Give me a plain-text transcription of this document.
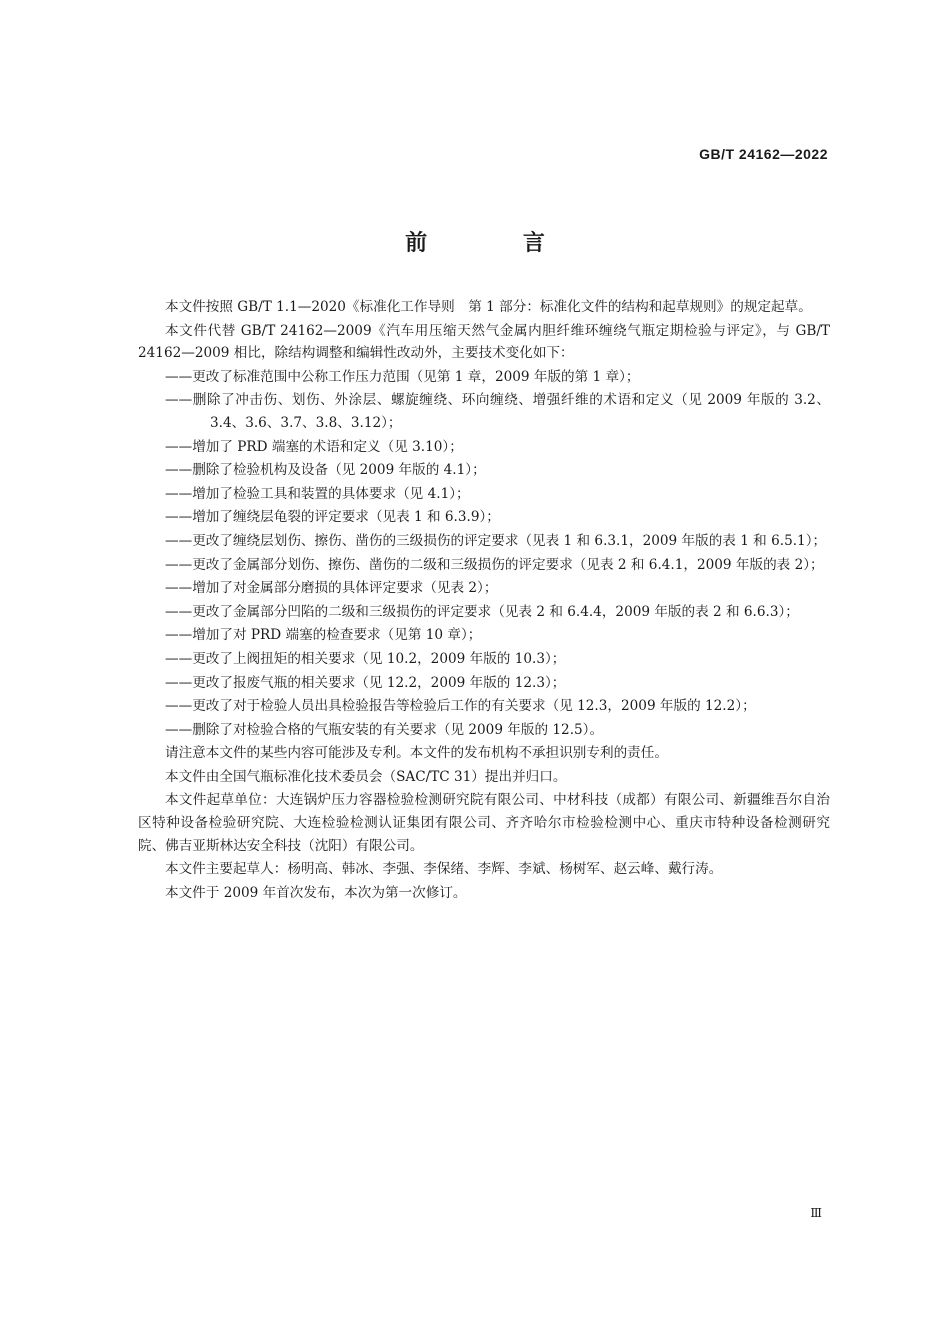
GB/T 24162—2022
前 言

本文件按照 GB/T 1.1—2020《标准化工作导则　第 1 部分：标准化文件的结构和起草规则》的规定起草。

本文件代替 GB/T 24162—2009《汽车用压缩天然气金属内胆纤维环缠绕气瓶定期检验与评定》，与 GB/T 24162—2009 相比，除结构调整和编辑性改动外，主要技术变化如下：

——更改了标准范围中公称工作压力范围（见第 1 章，2009 年版的第 1 章）；

——删除了冲击伤、划伤、外涂层、螺旋缠绕、环向缠绕、增强纤维的术语和定义（见 2009 年版的 3.2、3.4、3.6、3.7、3.8、3.12）；

——增加了 PRD 端塞的术语和定义（见 3.10）；

——删除了检验机构及设备（见 2009 年版的 4.1）；

——增加了检验工具和装置的具体要求（见 4.1）；

——增加了缠绕层龟裂的评定要求（见表 1 和 6.3.9）；

——更改了缠绕层划伤、擦伤、凿伤的三级损伤的评定要求（见表 1 和 6.3.1，2009 年版的表 1 和 6.5.1）；

——更改了金属部分划伤、擦伤、凿伤的二级和三级损伤的评定要求（见表 2 和 6.4.1，2009 年版的表 2）；

——增加了对金属部分磨损的具体评定要求（见表 2）；

——更改了金属部分凹陷的二级和三级损伤的评定要求（见表 2 和 6.4.4，2009 年版的表 2 和 6.6.3）；

——增加了对 PRD 端塞的检查要求（见第 10 章）；

——更改了上阀扭矩的相关要求（见 10.2，2009 年版的 10.3）；

——更改了报废气瓶的相关要求（见 12.2，2009 年版的 12.3）；

——更改了对于检验人员出具检验报告等检验后工作的有关要求（见 12.3，2009 年版的 12.2）；

——删除了对检验合格的气瓶安装的有关要求（见 2009 年版的 12.5）。

请注意本文件的某些内容可能涉及专利。本文件的发布机构不承担识别专利的责任。

本文件由全国气瓶标准化技术委员会（SAC/TC 31）提出并归口。

本文件起草单位：大连锅炉压力容器检验检测研究院有限公司、中材科技（成都）有限公司、新疆维吾尔自治区特种设备检验研究院、大连检验检测认证集团有限公司、齐齐哈尔市检验检测中心、重庆市特种设备检测研究院、佛吉亚斯林达安全科技（沈阳）有限公司。

本文件主要起草人：杨明高、韩冰、李强、李保绪、李辉、李斌、杨树军、赵云峰、戴行涛。

本文件于 2009 年首次发布，本次为第一次修订。

Ⅲ
